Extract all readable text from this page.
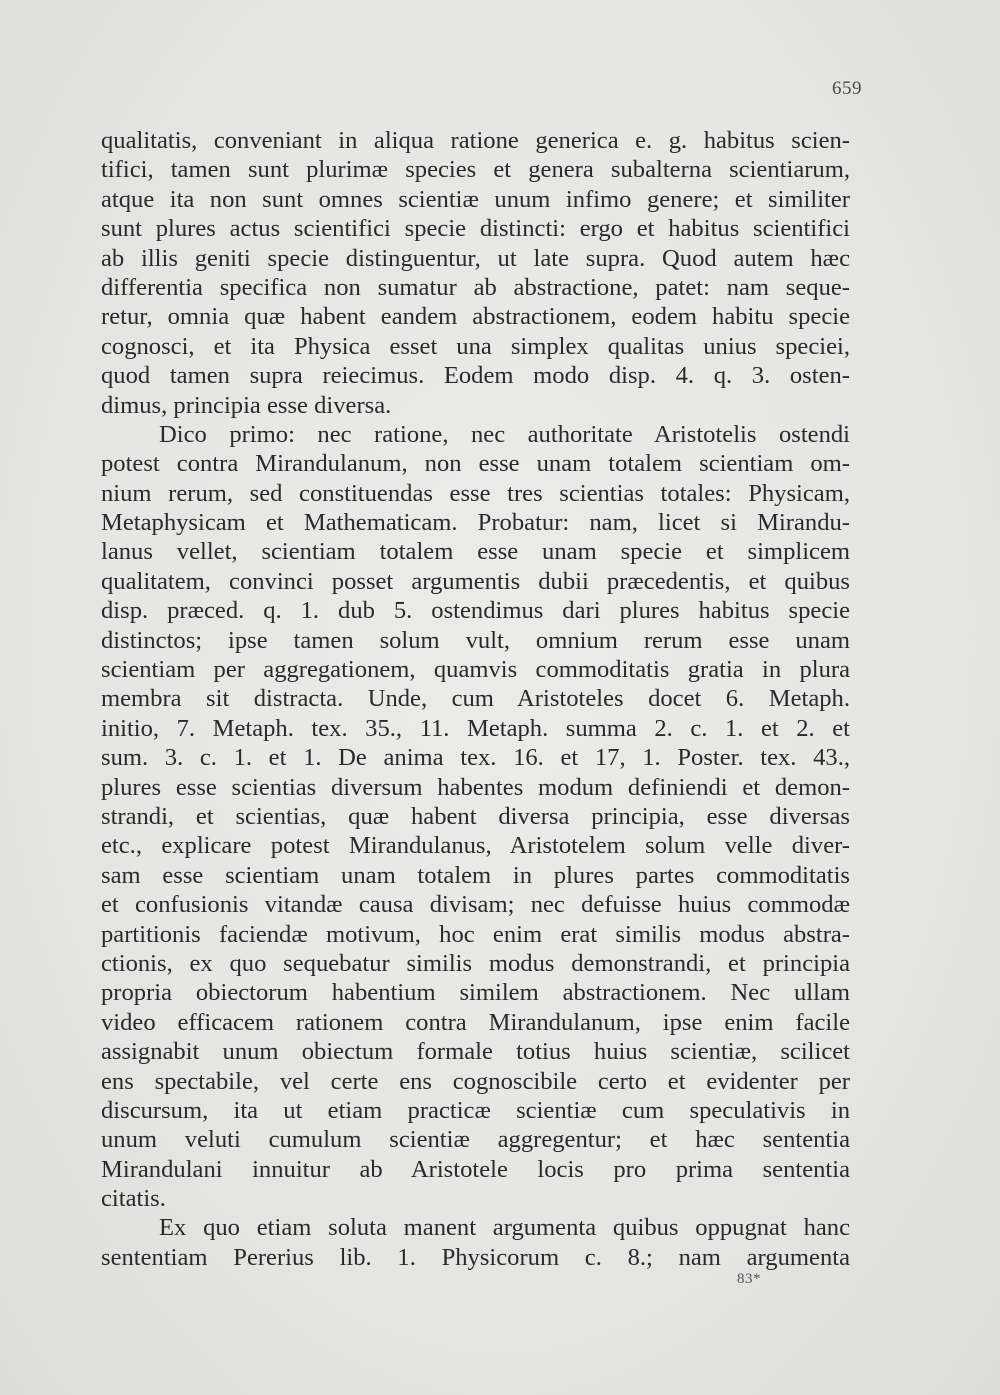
659
qualitatis, conveniant in aliqua ratione generica e. g. habitus scien-
tifici, tamen sunt plurimæ species et genera subalterna scientiarum,
atque ita non sunt omnes scientiæ unum infimo genere; et similiter
sunt plures actus scientifici specie distincti: ergo et habitus scientifici
ab illis geniti specie distinguentur, ut late supra. Quod autem hæc
differentia specifica non sumatur ab abstractione, patet: nam seque-
retur, omnia quæ habent eandem abstractionem, eodem habitu specie
cognosci, et ita Physica esset una simplex qualitas unius speciei,
quod tamen supra reiecimus. Eodem modo disp. 4. q. 3. osten-
dimus, principia esse diversa.
Dico primo: nec ratione, nec authoritate Aristotelis ostendi
potest contra Mirandulanum, non esse unam totalem scientiam om-
nium rerum, sed constituendas esse tres scientias totales: Physicam,
Metaphysicam et Mathematicam. Probatur: nam, licet si Mirandu-
lanus vellet, scientiam totalem esse unam specie et simplicem
qualitatem, convinci posset argumentis dubii præcedentis, et quibus
disp. præced. q. 1. dub 5. ostendimus dari plures habitus specie
distinctos; ipse tamen solum vult, omnium rerum esse unam
scientiam per aggregationem, quamvis commoditatis gratia in plura
membra sit distracta. Unde, cum Aristoteles docet 6. Metaph.
initio, 7. Metaph. tex. 35., 11. Metaph. summa 2. c. 1. et 2. et
sum. 3. c. 1. et 1. De anima tex. 16. et 17, 1. Poster. tex. 43.,
plures esse scientias diversum habentes modum definiendi et demon-
strandi, et scientias, quæ habent diversa principia, esse diversas
etc., explicare potest Mirandulanus, Aristotelem solum velle diver-
sam esse scientiam unam totalem in plures partes commoditatis
et confusionis vitandæ causa divisam; nec defuisse huius commodæ
partitionis faciendæ motivum, hoc enim erat similis modus abstra-
ctionis, ex quo sequebatur similis modus demonstrandi, et principia
propria obiectorum habentium similem abstractionem. Nec ullam
video efficacem rationem contra Mirandulanum, ipse enim facile
assignabit unum obiectum formale totius huius scientiæ, scilicet
ens spectabile, vel certe ens cognoscibile certo et evidenter per
discursum, ita ut etiam practicæ scientiæ cum speculativis in
unum veluti cumulum scientiæ aggregentur; et hæc sententia
Mirandulani innuitur ab Aristotele locis pro prima sententia
citatis.
Ex quo etiam soluta manent argumenta quibus oppugnat hanc
sententiam Pererius lib. 1. Physicorum c. 8.; nam argumenta
83*
